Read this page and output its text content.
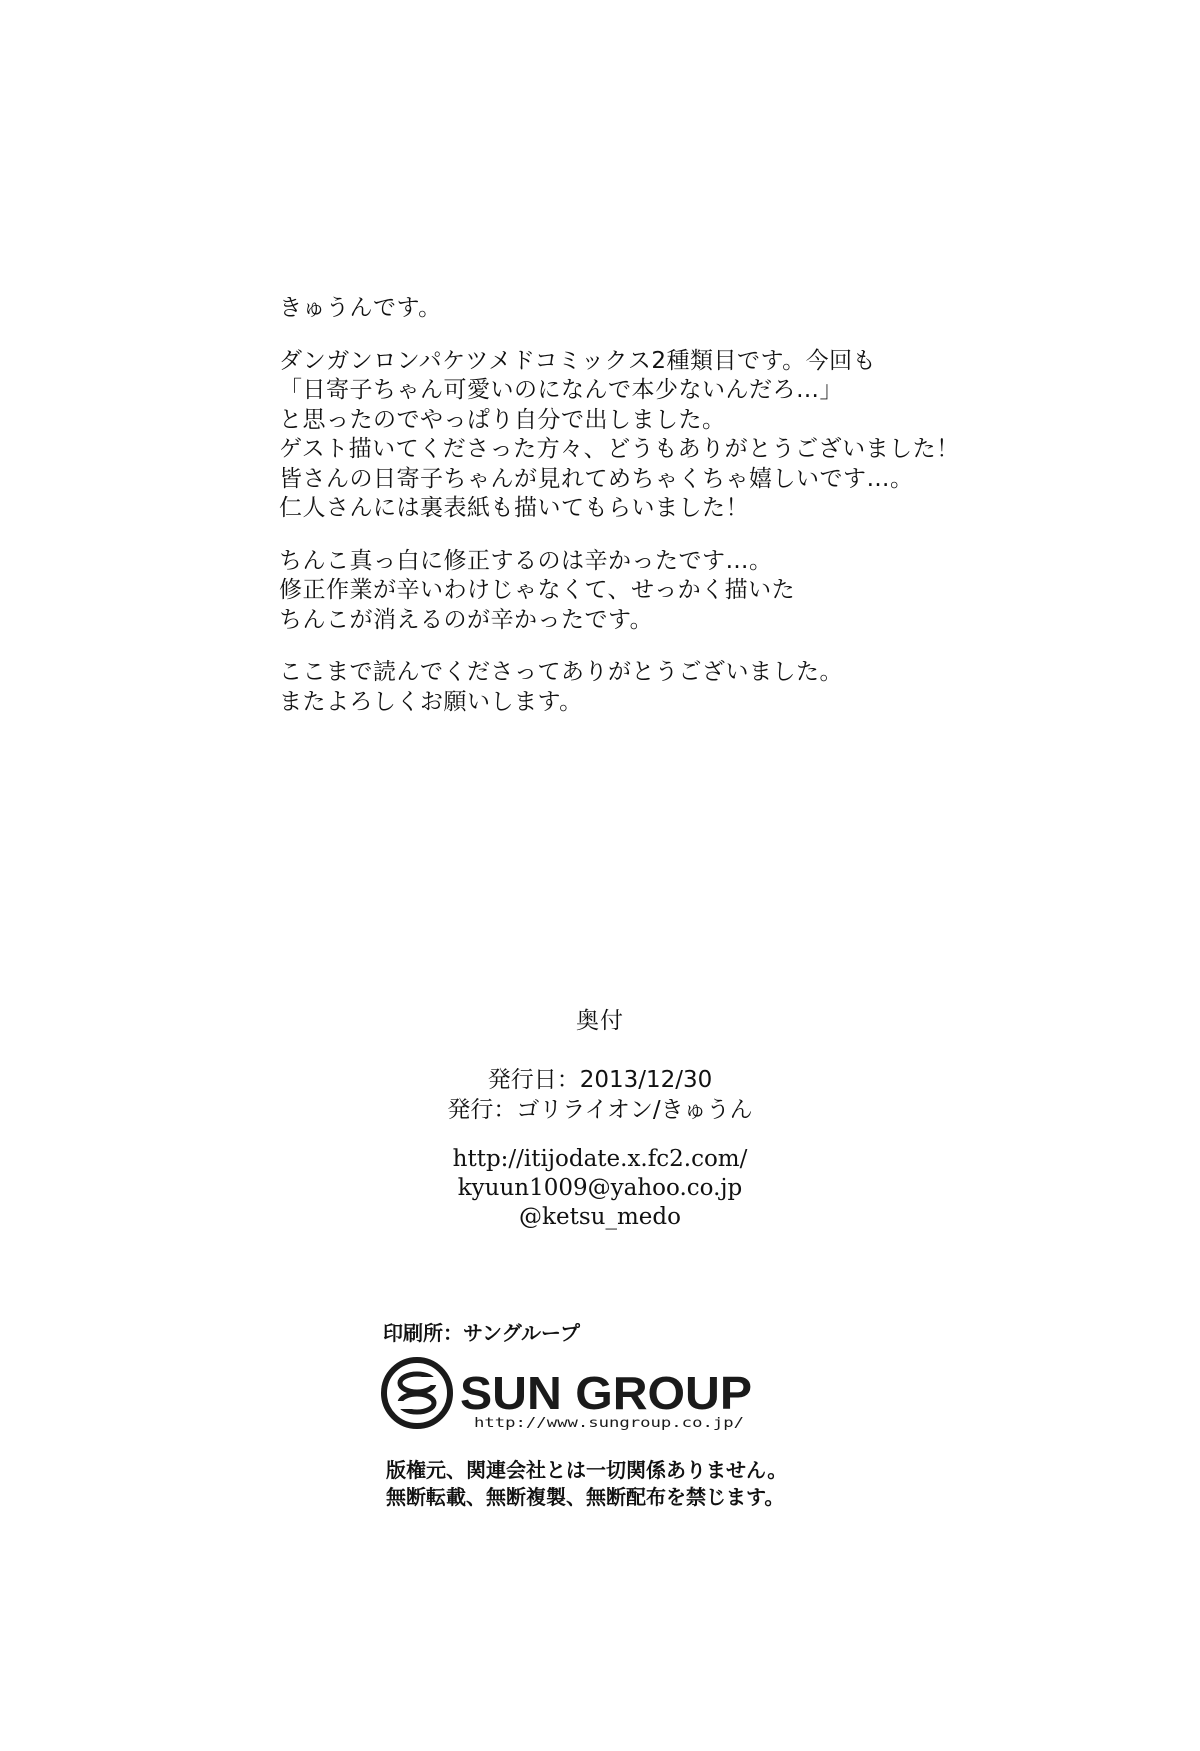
きゅうんです。
ダンガンロンパケツメドコミックス2種類目です。今回も
「日寄子ちゃん可愛いのになんで本少ないんだろ…」
と思ったのでやっぱり自分で出しました。
ゲスト描いてくださった方々、どうもありがとうございました！
皆さんの日寄子ちゃんが見れてめちゃくちゃ嬉しいです…。
仁人さんには裏表紙も描いてもらいました！
ちんこ真っ白に修正するのは辛かったです…。
修正作業が辛いわけじゃなくて、せっかく描いた
ちんこが消えるのが辛かったです。
ここまで読んでくださってありがとうございました。
またよろしくお願いします。
奥付
発行日：2013/12/30
発行：ゴリライオン/きゅうん
http://itijodate.x.fc2.com/
kyuun1009@yahoo.co.jp
@ketsu_medo
印刷所：サングループ
SUN GROUP
http://www.sungroup.co.jp/
版権元、関連会社とは一切関係ありません。
無断転載、無断複製、無断配布を禁じます。
